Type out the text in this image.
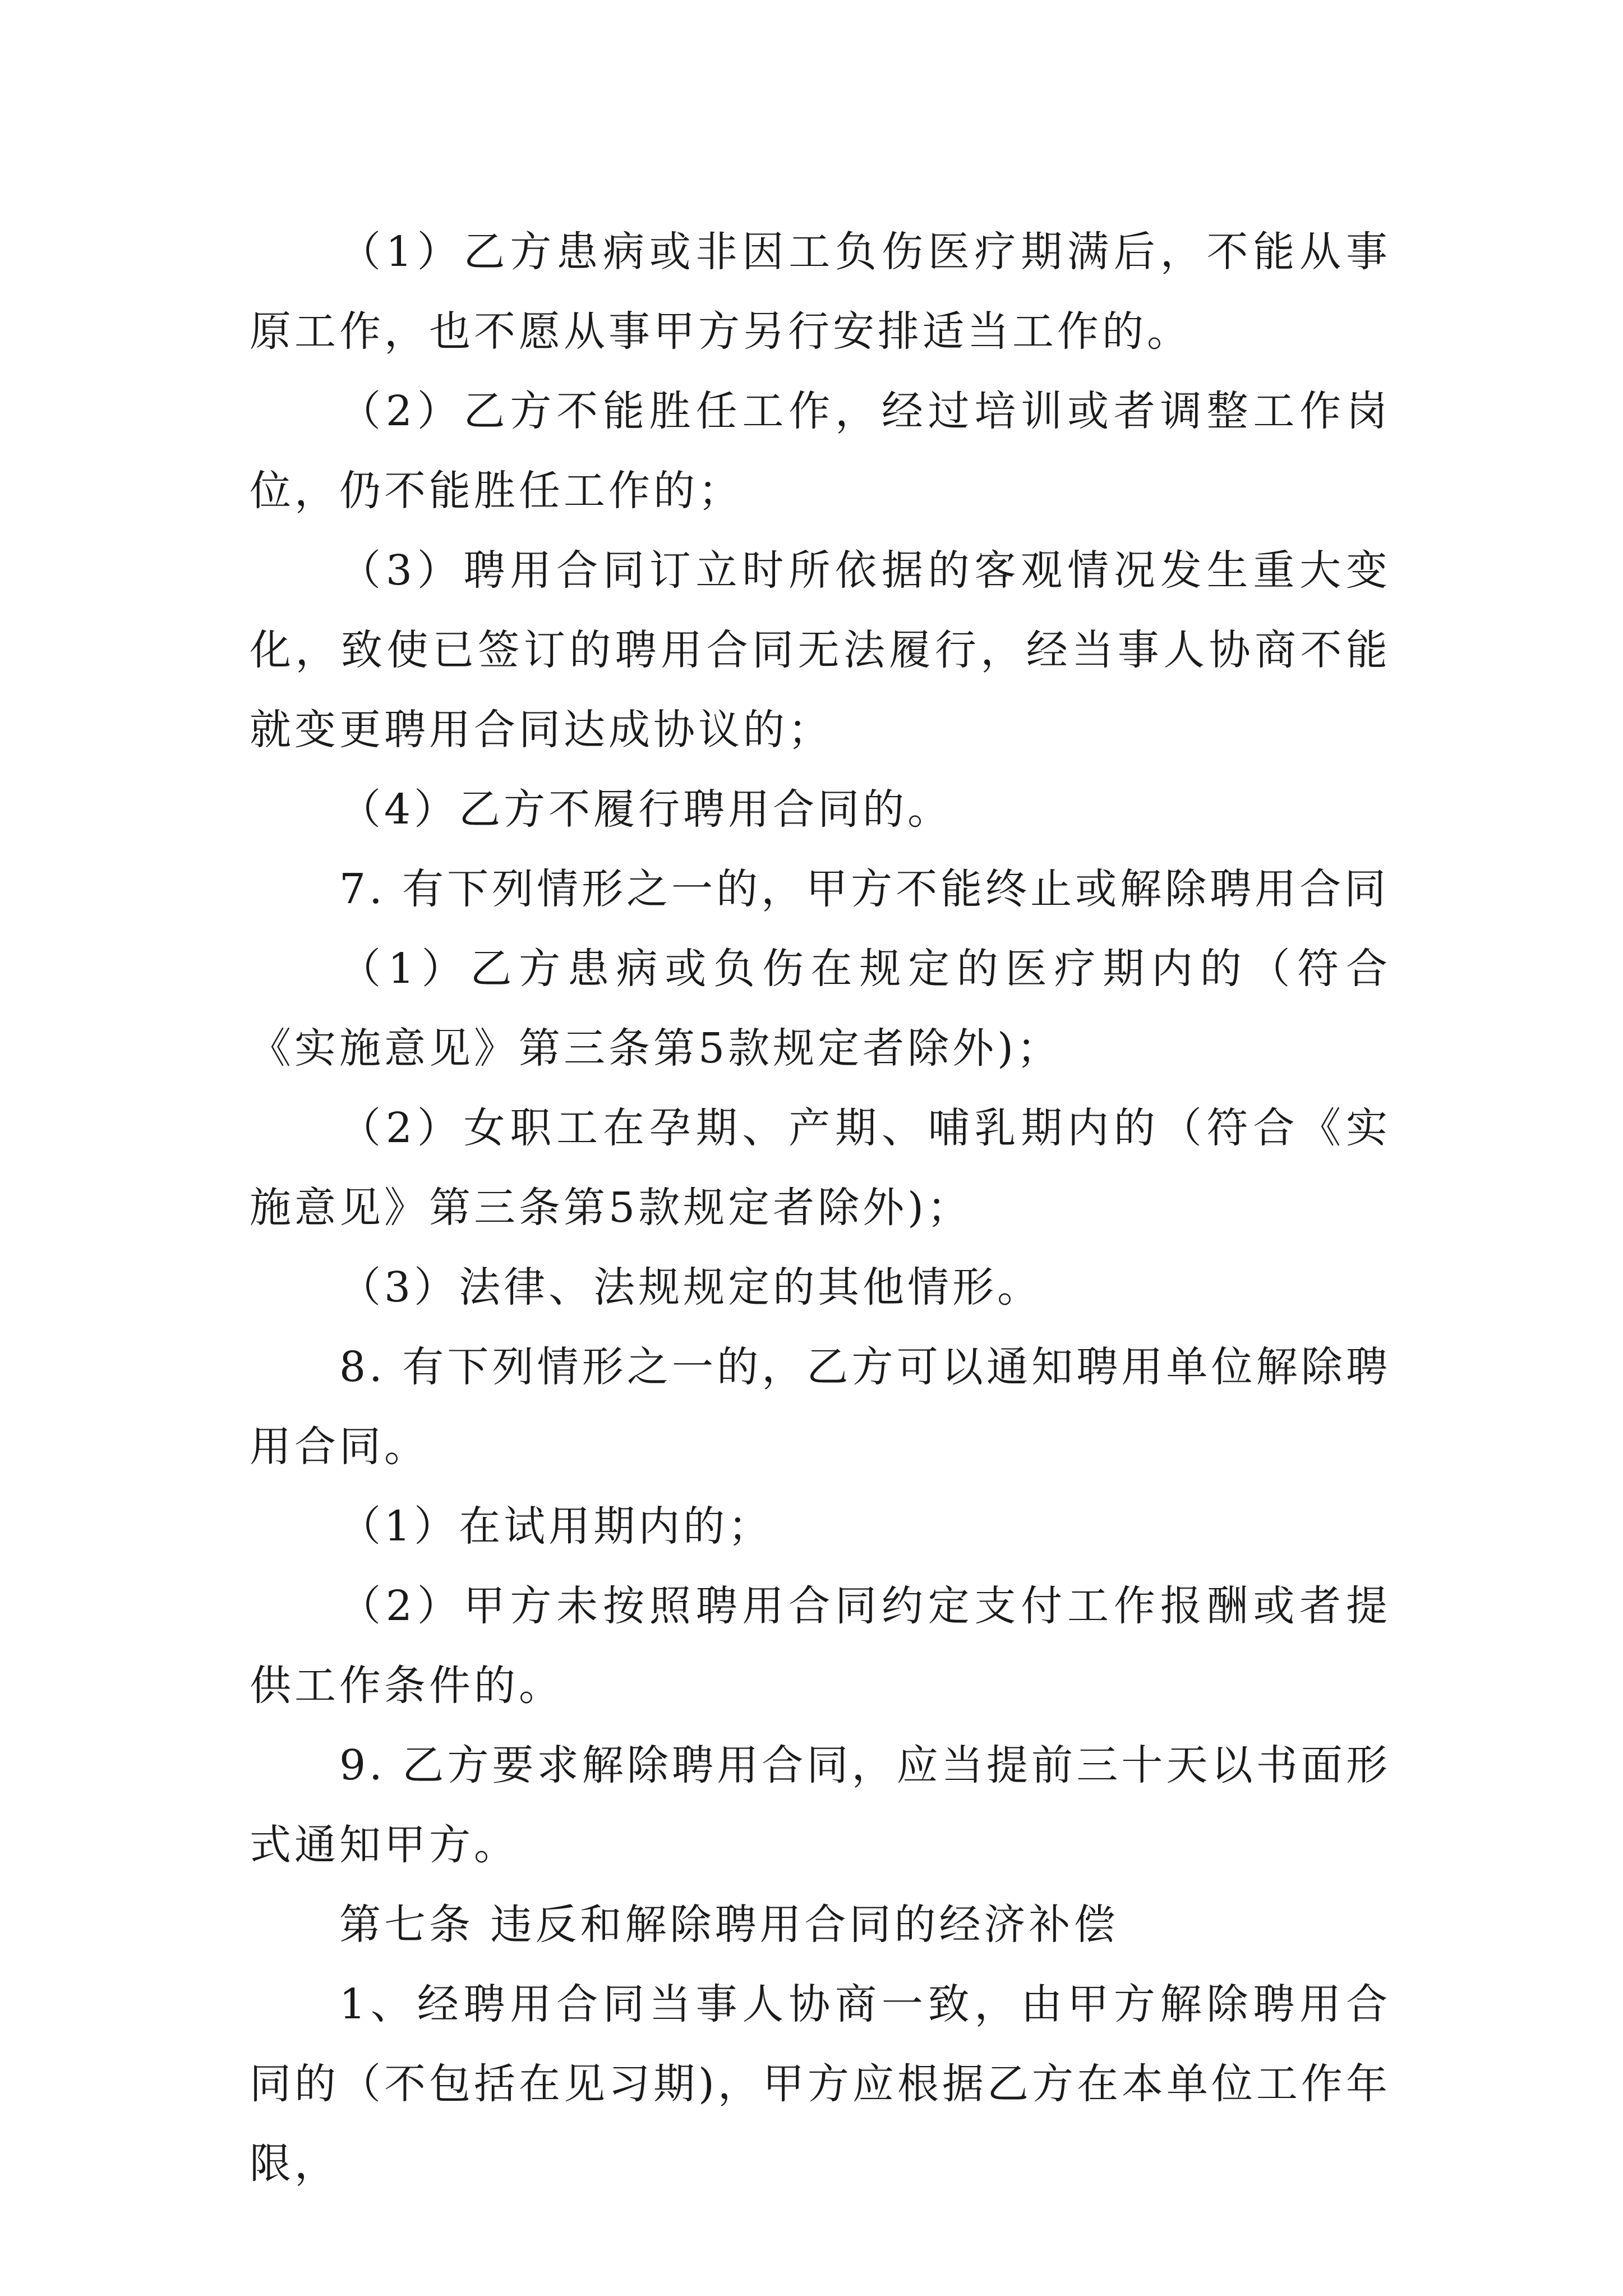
（1）乙方患病或非因工负伤医疗期满后，不能从事原工作，也不愿从事甲方另行安排适当工作的。

（2）乙方不能胜任工作，经过培训或者调整工作岗位，仍不能胜任工作的；

（3）聘用合同订立时所依据的客观情况发生重大变化，致使已签订的聘用合同无法履行，经当事人协商不能就变更聘用合同达成协议的；

（4）乙方不履行聘用合同的。

7. 有下列情形之一的，甲方不能终止或解除聘用合同

（1）乙方患病或负伤在规定的医疗期内的（符合《实施意见》第三条第5款规定者除外)；

（2）女职工在孕期、产期、哺乳期内的（符合《实施意见》第三条第5款规定者除外)；

（3）法律、法规规定的其他情形。

8. 有下列情形之一的，乙方可以通知聘用单位解除聘用合同。

（1）在试用期内的；

（2）甲方未按照聘用合同约定支付工作报酬或者提供工作条件的。

9. 乙方要求解除聘用合同，应当提前三十天以书面形式通知甲方。

第七条 违反和解除聘用合同的经济补偿

1、经聘用合同当事人协商一致，由甲方解除聘用合同的（不包括在见习期)，甲方应根据乙方在本单位工作年限，
